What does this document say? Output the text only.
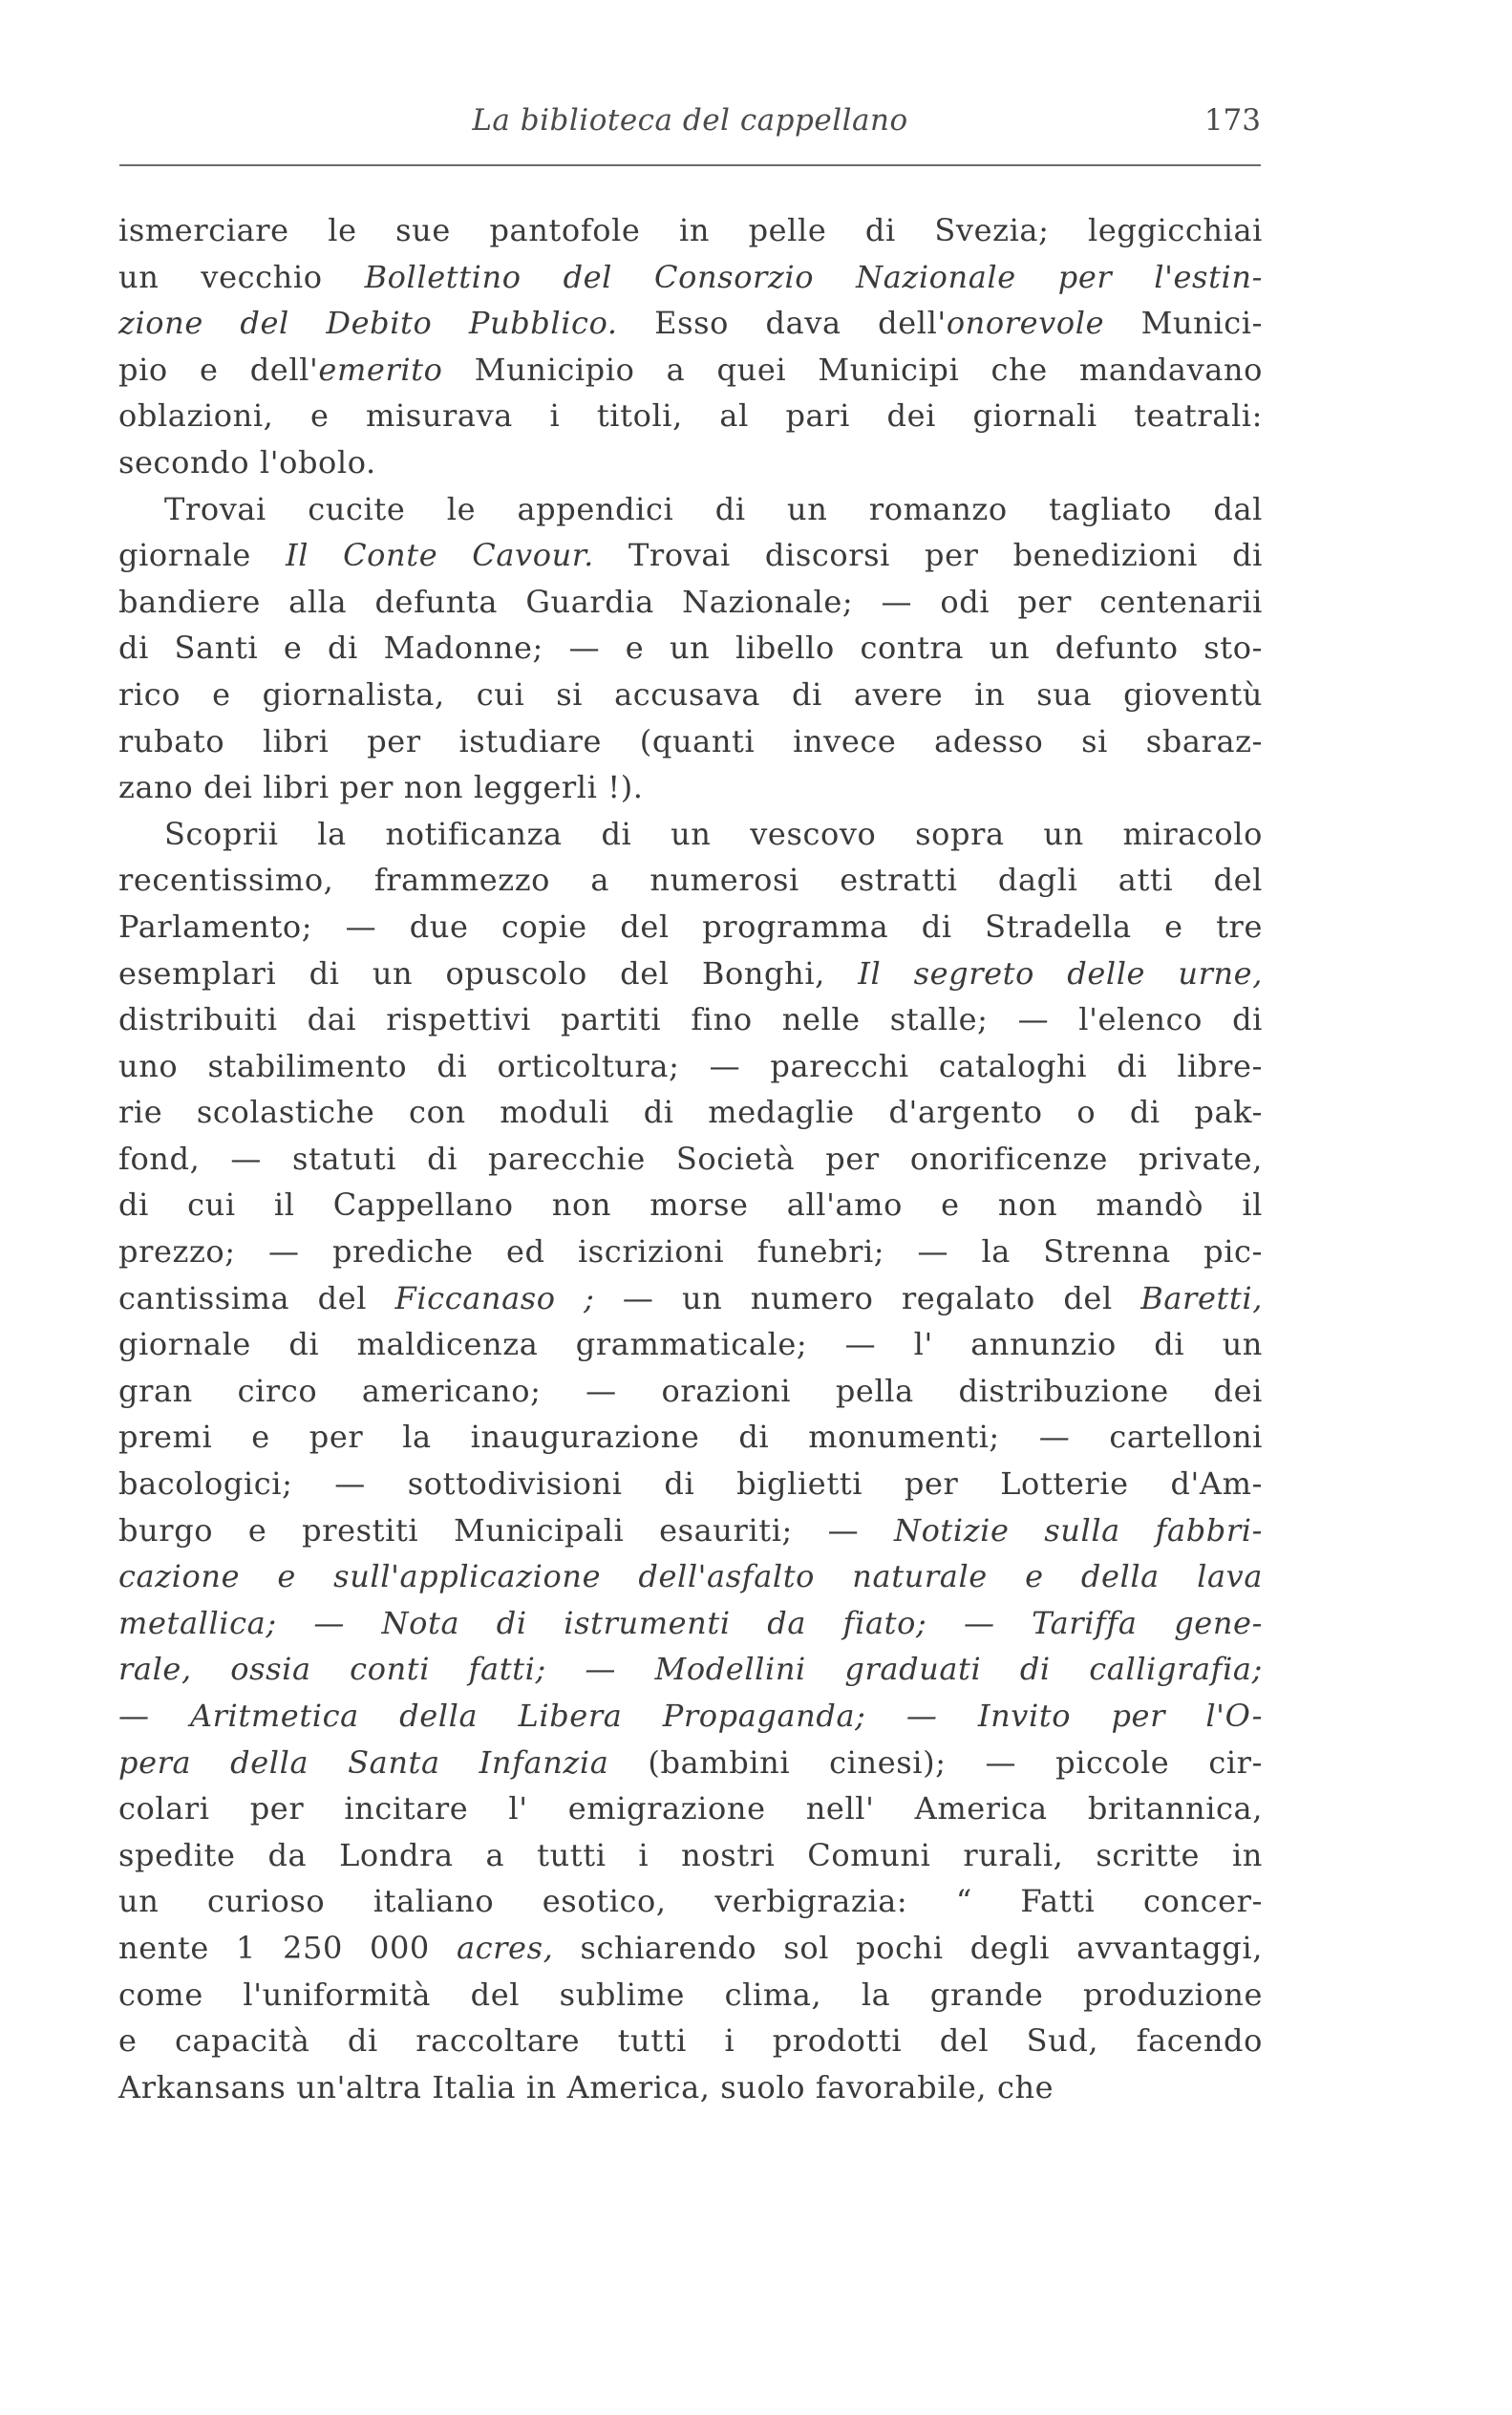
La biblioteca del cappellano	173
ismerciare le sue pantofole in pelle di Svezia; leggicchiai
un vecchio Bollettino del Consorzio Nazionale per l'estin-
zione del Debito Pubblico. Esso dava dell'onorevole Munici-
pio e dell'emerito Municipio a quei Municipi che mandavano
oblazioni, e misurava i titoli, al pari dei giornali teatrali:
secondo l'obolo.
Trovai cucite le appendici di un romanzo tagliato dal
giornale Il Conte Cavour. Trovai discorsi per benedizioni di
bandiere alla defunta Guardia Nazionale; — odi per centenarii
di Santi e di Madonne; — e un libello contra un defunto sto-
rico e giornalista, cui si accusava di avere in sua gioventù
rubato libri per istudiare (quanti invece adesso si sbaraz-
zano dei libri per non leggerli !).
Scoprii la notificanza di un vescovo sopra un miracolo
recentissimo, frammezzo a numerosi estratti dagli atti del
Parlamento; — due copie del programma di Stradella e tre
esemplari di un opuscolo del Bonghi, Il segreto delle urne,
distribuiti dai rispettivi partiti fino nelle stalle; — l'elenco di
uno stabilimento di orticoltura; — parecchi cataloghi di libre-
rie scolastiche con moduli di medaglie d'argento o di pak-
fond, — statuti di parecchie Società per onorificenze private,
di cui il Cappellano non morse all'amo e non mandò il
prezzo; — prediche ed iscrizioni funebri; — la Strenna pic-
cantissima del Ficcanaso ; — un numero regalato del Baretti,
giornale di maldicenza grammaticale; — l' annunzio di un
gran circo americano; — orazioni pella distribuzione dei
premi e per la inaugurazione di monumenti; — cartelloni
bacologici; — sottodivisioni di biglietti per Lotterie d'Am-
burgo e prestiti Municipali esauriti; — Notizie sulla fabbri-
cazione e sull'applicazione dell'asfalto naturale e della lava
metallica; — Nota di istrumenti da fiato; — Tariffa gene-
rale, ossia conti fatti; — Modellini graduati di calligrafia;
— Aritmetica della Libera Propaganda; — Invito per l'O-
pera della Santa Infanzia (bambini cinesi); — piccole cir-
colari per incitare l' emigrazione nell' America britannica,
spedite da Londra a tutti i nostri Comuni rurali, scritte in
un curioso italiano esotico, verbigrazia: “ Fatti concer-
nente 1 250 000 acres, schiarendo sol pochi degli avvantaggi,
come l'uniformità del sublime clima, la grande produzione
e capacità di raccoltare tutti i prodotti del Sud, facendo
Arkansans un'altra Italia in America, suolo favorabile, che
